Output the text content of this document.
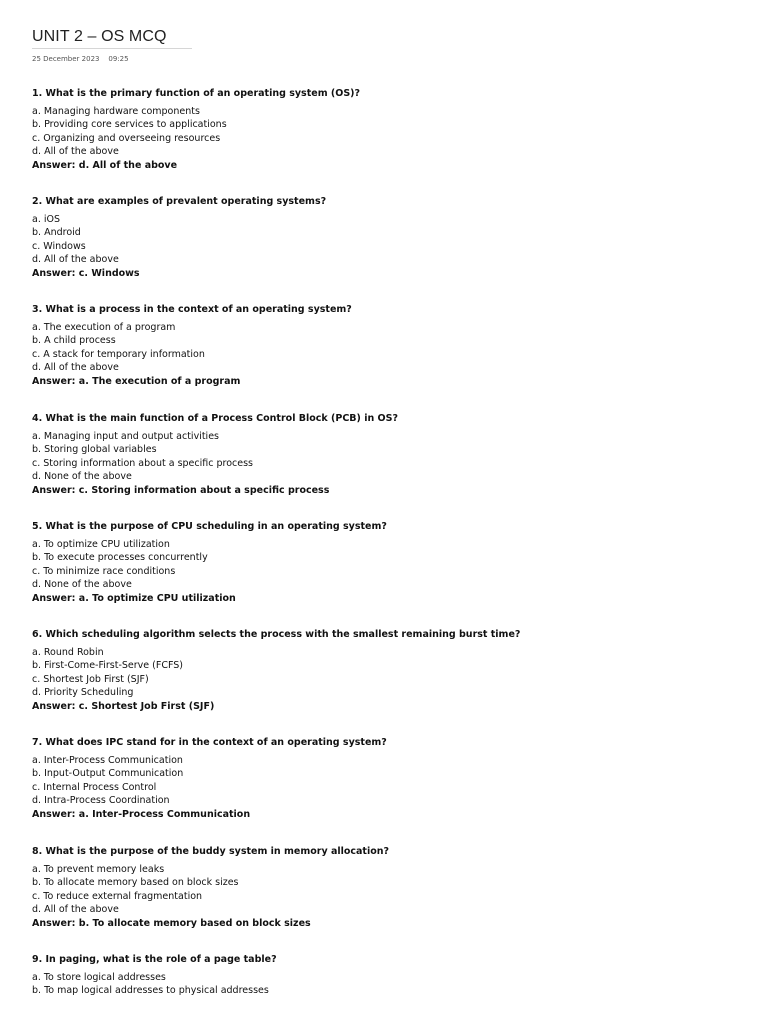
UNIT 2 – OS MCQ
25 December 2023 09:25
1. What is the primary function of an operating system (OS)?
a. Managing hardware components
b. Providing core services to applications
c. Organizing and overseeing resources
d. All of the above
Answer: d. All of the above
2. What are examples of prevalent operating systems?
a. iOS
b. Android
c. Windows
d. All of the above
Answer: c. Windows
3. What is a process in the context of an operating system?
a. The execution of a program
b. A child process
c. A stack for temporary information
d. All of the above
Answer: a. The execution of a program
4. What is the main function of a Process Control Block (PCB) in OS?
a. Managing input and output activities
b. Storing global variables
c. Storing information about a specific process
d. None of the above
Answer: c. Storing information about a specific process
5. What is the purpose of CPU scheduling in an operating system?
a. To optimize CPU utilization
b. To execute processes concurrently
c. To minimize race conditions
d. None of the above
Answer: a. To optimize CPU utilization
6. Which scheduling algorithm selects the process with the smallest remaining burst time?
a. Round Robin
b. First-Come-First-Serve (FCFS)
c. Shortest Job First (SJF)
d. Priority Scheduling
Answer: c. Shortest Job First (SJF)
7. What does IPC stand for in the context of an operating system?
a. Inter-Process Communication
b. Input-Output Communication
c. Internal Process Control
d. Intra-Process Coordination
Answer: a. Inter-Process Communication
8. What is the purpose of the buddy system in memory allocation?
a. To prevent memory leaks
b. To allocate memory based on block sizes
c. To reduce external fragmentation
d. All of the above
Answer: b. To allocate memory based on block sizes
9. In paging, what is the role of a page table?
a. To store logical addresses
b. To map logical addresses to physical addresses
